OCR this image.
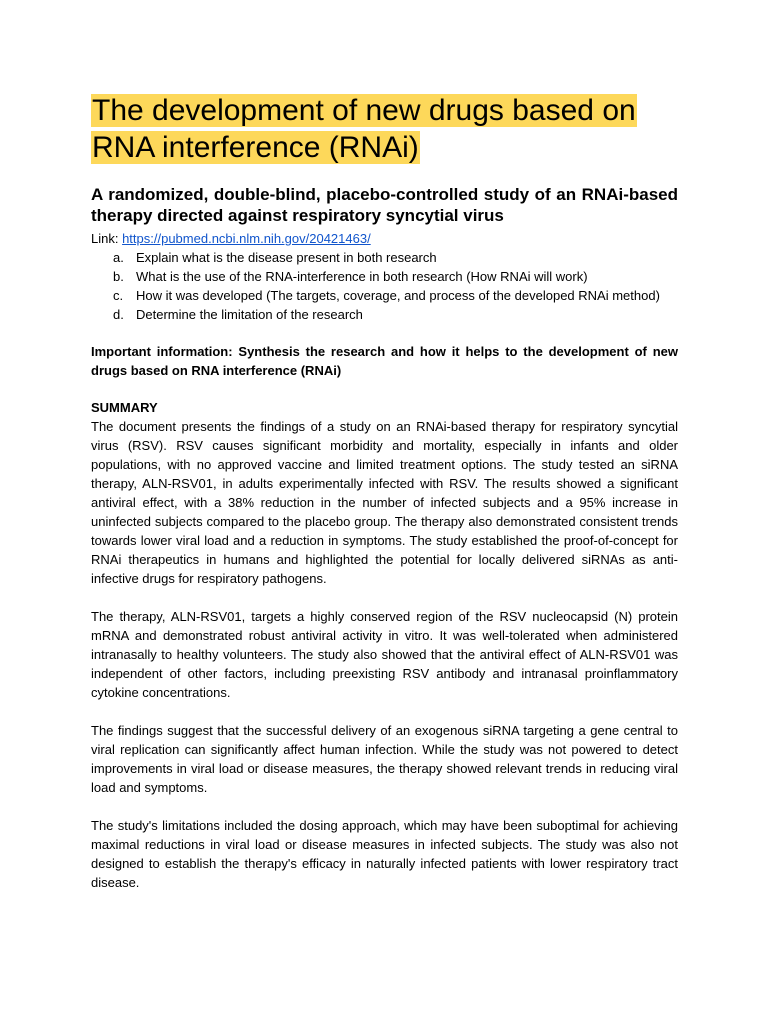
The development of new drugs based on RNA interference (RNAi)
A randomized, double-blind, placebo-controlled study of an RNAi-based therapy directed against respiratory syncytial virus

Link: https://pubmed.ncbi.nlm.nih.gov/20421463/

a. Explain what is the disease present in both research
b. What is the use of the RNA-interference in both research (How RNAi will work)
c. How it was developed (The targets, coverage, and process of the developed RNAi method)
d. Determine the limitation of the research

Important information: Synthesis the research and how it helps to the development of new drugs based on RNA interference (RNAi)

SUMMARY

The document presents the findings of a study on an RNAi-based therapy for respiratory syncytial virus (RSV). RSV causes significant morbidity and mortality, especially in infants and older populations, with no approved vaccine and limited treatment options. The study tested an siRNA therapy, ALN-RSV01, in adults experimentally infected with RSV. The results showed a significant antiviral effect, with a 38% reduction in the number of infected subjects and a 95% increase in uninfected subjects compared to the placebo group. The therapy also demonstrated consistent trends towards lower viral load and a reduction in symptoms. The study established the proof-of-concept for RNAi therapeutics in humans and highlighted the potential for locally delivered siRNAs as anti-infective drugs for respiratory pathogens.

The therapy, ALN-RSV01, targets a highly conserved region of the RSV nucleocapsid (N) protein mRNA and demonstrated robust antiviral activity in vitro. It was well-tolerated when administered intranasally to healthy volunteers. The study also showed that the antiviral effect of ALN-RSV01 was independent of other factors, including preexisting RSV antibody and intranasal proinflammatory cytokine concentrations.

The findings suggest that the successful delivery of an exogenous siRNA targeting a gene central to viral replication can significantly affect human infection. While the study was not powered to detect improvements in viral load or disease measures, the therapy showed relevant trends in reducing viral load and symptoms.

The study's limitations included the dosing approach, which may have been suboptimal for achieving maximal reductions in viral load or disease measures in infected subjects. The study was also not designed to establish the therapy's efficacy in naturally infected patients with lower respiratory tract disease.
